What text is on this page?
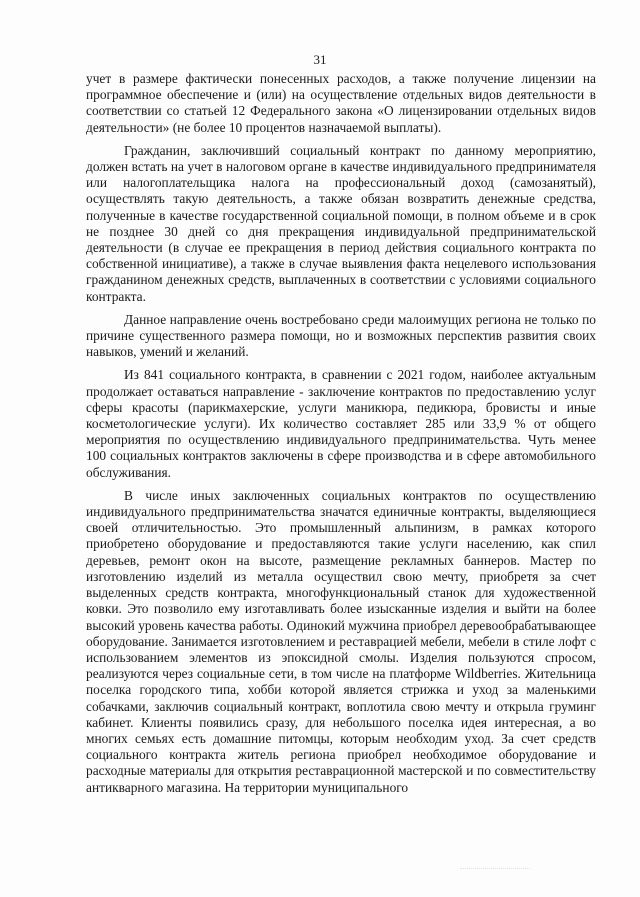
31

учет в размере фактически понесенных расходов, а также получение лицензии на программное обеспечение и (или) на осуществление отдельных видов деятельности в соответствии со статьей 12 Федерального закона «О лицензировании отдельных видов деятельности» (не более 10 процентов назначаемой выплаты).

Гражданин, заключивший социальный контракт по данному мероприятию, должен встать на учет в налоговом органе в качестве индивидуального предпринимателя или налогоплательщика налога на профессиональный доход (самозанятый), осуществлять такую деятельность, а также обязан возвратить денежные средства, полученные в качестве государственной социальной помощи, в полном объеме и в срок не позднее 30 дней со дня прекращения индивидуальной предпринимательской деятельности (в случае ее прекращения в период действия социального контракта по собственной инициативе), а также в случае выявления факта нецелевого использования гражданином денежных средств, выплаченных в соответствии с условиями социального контракта.

Данное направление очень востребовано среди малоимущих региона не только по причине существенного размера помощи, но и возможных перспектив развития своих навыков, умений и желаний.

Из 841 социального контракта, в сравнении с 2021 годом, наиболее актуальным продолжает оставаться направление - заключение контрактов по предоставлению услуг сферы красоты (парикмахерские, услуги маникюра, педикюра, бровисты и иные косметологические услуги). Их количество составляет 285 или 33,9 % от общего мероприятия по осуществлению индивидуального предпринимательства. Чуть менее 100 социальных контрактов заключены в сфере производства и в сфере автомобильного обслуживания.

В числе иных заключенных социальных контрактов по осуществлению индивидуального предпринимательства значатся единичные контракты, выделяющиеся своей отличительностью. Это промышленный альпинизм, в рамках которого приобретено оборудование и предоставляются такие услуги населению, как спил деревьев, ремонт окон на высоте, размещение рекламных баннеров. Мастер по изготовлению изделий из металла осуществил свою мечту, приобретя за счет выделенных средств контракта, многофункциональный станок для художественной ковки. Это позволило ему изготавливать более изысканные изделия и выйти на более высокий уровень качества работы. Одинокий мужчина приобрел деревообрабатывающее оборудование. Занимается изготовлением и реставрацией мебели, мебели в стиле лофт с использованием элементов из эпоксидной смолы. Изделия пользуются спросом, реализуются через социальные сети, в том числе на платформе Wildberries. Жительница поселка городского типа, хобби которой является стрижка и уход за маленькими собачками, заключив социальный контракт, воплотила свою мечту и открыла груминг кабинет. Клиенты появились сразу, для небольшого поселка идея интересная, а во многих семьях есть домашние питомцы, которым необходим уход. За счет средств социального контракта житель региона приобрел необходимое оборудование и расходные материалы для открытия реставрационной мастерской и по совместительству антикварного магазина. На территории муниципального
